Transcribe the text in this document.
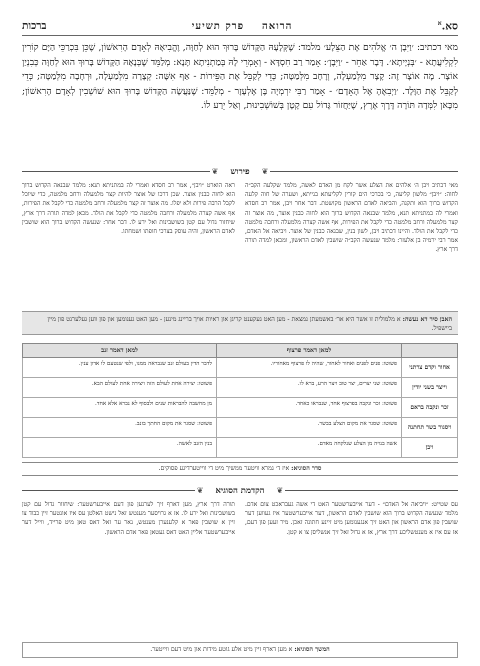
סא.$^א$
הרואה    פרק תשיעי
ברכות
מאי דכתיב: ׳וַיִּבֶן ה׳ אֱלֹהִים אֶת הַצֵּלָע׳ מלמד: שֶׁקְּלָעָהּ הַקָּדוֹשׁ בָּרוּךְ הוּא לְחַוָּה, וֶהֱבִיאָהּ לְאָדָם הָרִאשׁוֹן, שֶׁכֵּן בִּכְרַכֵּי הַיָּם קוֹרִין לִקְלִיעֲתָא - ׳בְּנְיָיתָא׳. דָּבָר אַחֵר - ׳וַיִּבֶן׳: אָמַר רַב חִסְדָּא - וְאָמְרֵי לָהּ בְּמַתְנִיתָא תָּנָא: מְלַמֵּד שֶׁבְּנָאָהּ הַקָּדוֹשׁ בָּרוּךְ הוּא לְחַוָּה כְּבִנְיַן אוֹצָר. מָה אוֹצָר זֶה: קָצָר מִלְּמַעְלָה, וְרָחָב מִלְּמַטָּה; כְּדֵי לְקַבֵּל אֶת הַפֵּירוֹת - אַף אִשָּׁה: קְצָרָה מִלְּמַעְלָה, וּרְחָבָה מִלְּמַטָּה; כְּדֵי לְקַבֵּל אֶת הַוָּלָד. ׳וַיְבִאֶהָ אֶל הָאָדָם׳ - אָמַר רַבִּי יִרְמְיָה בֶּן אֶלְעָזָר - מְלַמֵּד: שֶׁנַּעֲשָׂה הַקָּדוֹשׁ בָּרוּךְ הוּא שׁוֹשְׁבִין לְאָדָם הָרִאשׁוֹן; מִכָּאן לִמְּדָה תּוֹרָה דֶּרֶךְ אֶרֶץ, שֶׁיַּחֲזוֹר גָּדוֹל עִם קָטָן בְּשׁוֹשְׁבִינוּת, וְאַל יֵרַע לוֹ.
❦
פירוש
❦
מאי דכתיב ויבן ה׳ אלהים את הצלע אשר לקח מן האדם לאשה, מלמד שקלעה הקב״ה לחוה: ״ויבן״ מלשון קליעה, כי בכרכי הים קורין לקליעתא בנייתא, ושערה של חוה קלעה הקדוש ברוך הוא ותקנה, והביאה לאדם הראשון מקושטת. דבר אחר ויבן, אמר רב חסדא ואמרי לה במתניתא תנא, מלמד שבנאה הקדוש ברוך הוא לחוה כבנין אוצר, מה אוצר זה קצר מלמעלה ורחב מלמטה כדי לקבל את הפירות, אף אשה קצרה מלמעלה ורחבה מלמטה כדי לקבל את הולד. והיינו דכתיב ויבן, לשון בנין, שבנאה כבנין של אוצר. ויביאה אל האדם, אמר רבי ירמיה בן אלעזר: מלמד שנעשה הקב״ה שושבין לאדם הראשון, ומכאן למדה תורה דרך ארץ.
ראה הוארט ״ויבן״, אמר רב חסדא ואמרי לה במתניתא תנא: מלמד שבנאה הקדוש ברוך הוא לחוה כבנין אוצר. שכן דרכו של אוצר להיות קצר מלמעלה ורחב מלמטה, כדי שיוכל לקבל הרבה פירות ולא יפלו. מה אוצר זה קצר מלמעלה ורחב מלמטה כדי לקבל את הפירות, אף אשה קצרה מלמעלה ורחבה מלמטה כדי לקבל את הולד. מכאן למדה תורה דרך ארץ, שיחזור גדול עם קטן בשושבינות ואל ירע לו. דבר אחר: שנעשה הקדוש ברוך הוא שושבין לאדם הראשון, והיה עוסק בצרכי חופתו ושמחתו.
האבן סיר דא נעשה: א מלמולית זו אשר היא אר׳ באשמעתן נמצאת - מען האט געקענט קריגן און ראיות אויך בריינג מינען - מען האט גענומען און פון ווען געלערנט פון מיין ביישפיל.
	למאן דאמר פרצוף	למאן דאמר זנב
אחור וקדם צרתני	פשוטו: פנים לפנים ואחור לאחור, שהיה לו פרצוף מאחוריו.	לדבר הדין בעולם זנב שנבראה ממנו, ולפי שנטעם לו אדון ענין.
וייצר בשני יודין	פשוטו: שני יצרים, יצר טוב ויצר הרע, ברא לו.	פשוטו: יצירה אחת לעולם הזה ויצירה אחת לעולם הבא.
זכר ונקבה בראם	פשוטו: זכר ונקבה בפרצוף אחד, שנבראו כאחד.	מן מחשבה להבראות שנים ולבסוף לא נברא אלא אחד.
ויסגור בשר תחתנה	פשוטו: שסגר את מקום הצלע בבשר.	פשוטו: שסגר את מקום החתך בזנב.
ויבן	אשה בנויה מן הצלע שנלקחה מאדם.	בנין הזנב לאשה.
סדר הסוגיא: איז ד׳ גמרא וויטער ממשיך מיט די ווייטערדיגע פסוקים.
❦
הקדמת הסוגיא
❦
עס שטייט: ״ויביאה אל האדם״ - דער אייבערשטער האט די אשה געבראכט צום אדם. מלמד שנעשה הקדוש ברוך הוא שושבין לאדם הראשון, דער אייבערשטער איז געווען דער שושבין פון אדם הראשון און האט זיך אנגענומען מיט זיינע חתונה זאכן. מיר זעען פון דעם, אז עס איז א מענטשליכע דרך ארץ, אז א גדול זאל זיך אנשליסן צו א קטן.
תורה דרך ארץ, מען דארף זיך לערנען פון דעם אייבערשטער: שיחזור גדול עם קטן בשושבינות ואל ירע לו. אז א גרויסער מענטש זאל נישט האלטן עס איז אונטער זיין כבוד צו זיין א שושבין פאר א קלענערן מענטש, נאר ער זאל דאס טאן מיט פרייד, ווייל דער אייבערשטער אליין האט דאס געטאן פאר אדם הראשון.
המשך הסוגיא: א מען דארף זיין מיט אלע גוטע מידות און מיט דעם ווייטער.
